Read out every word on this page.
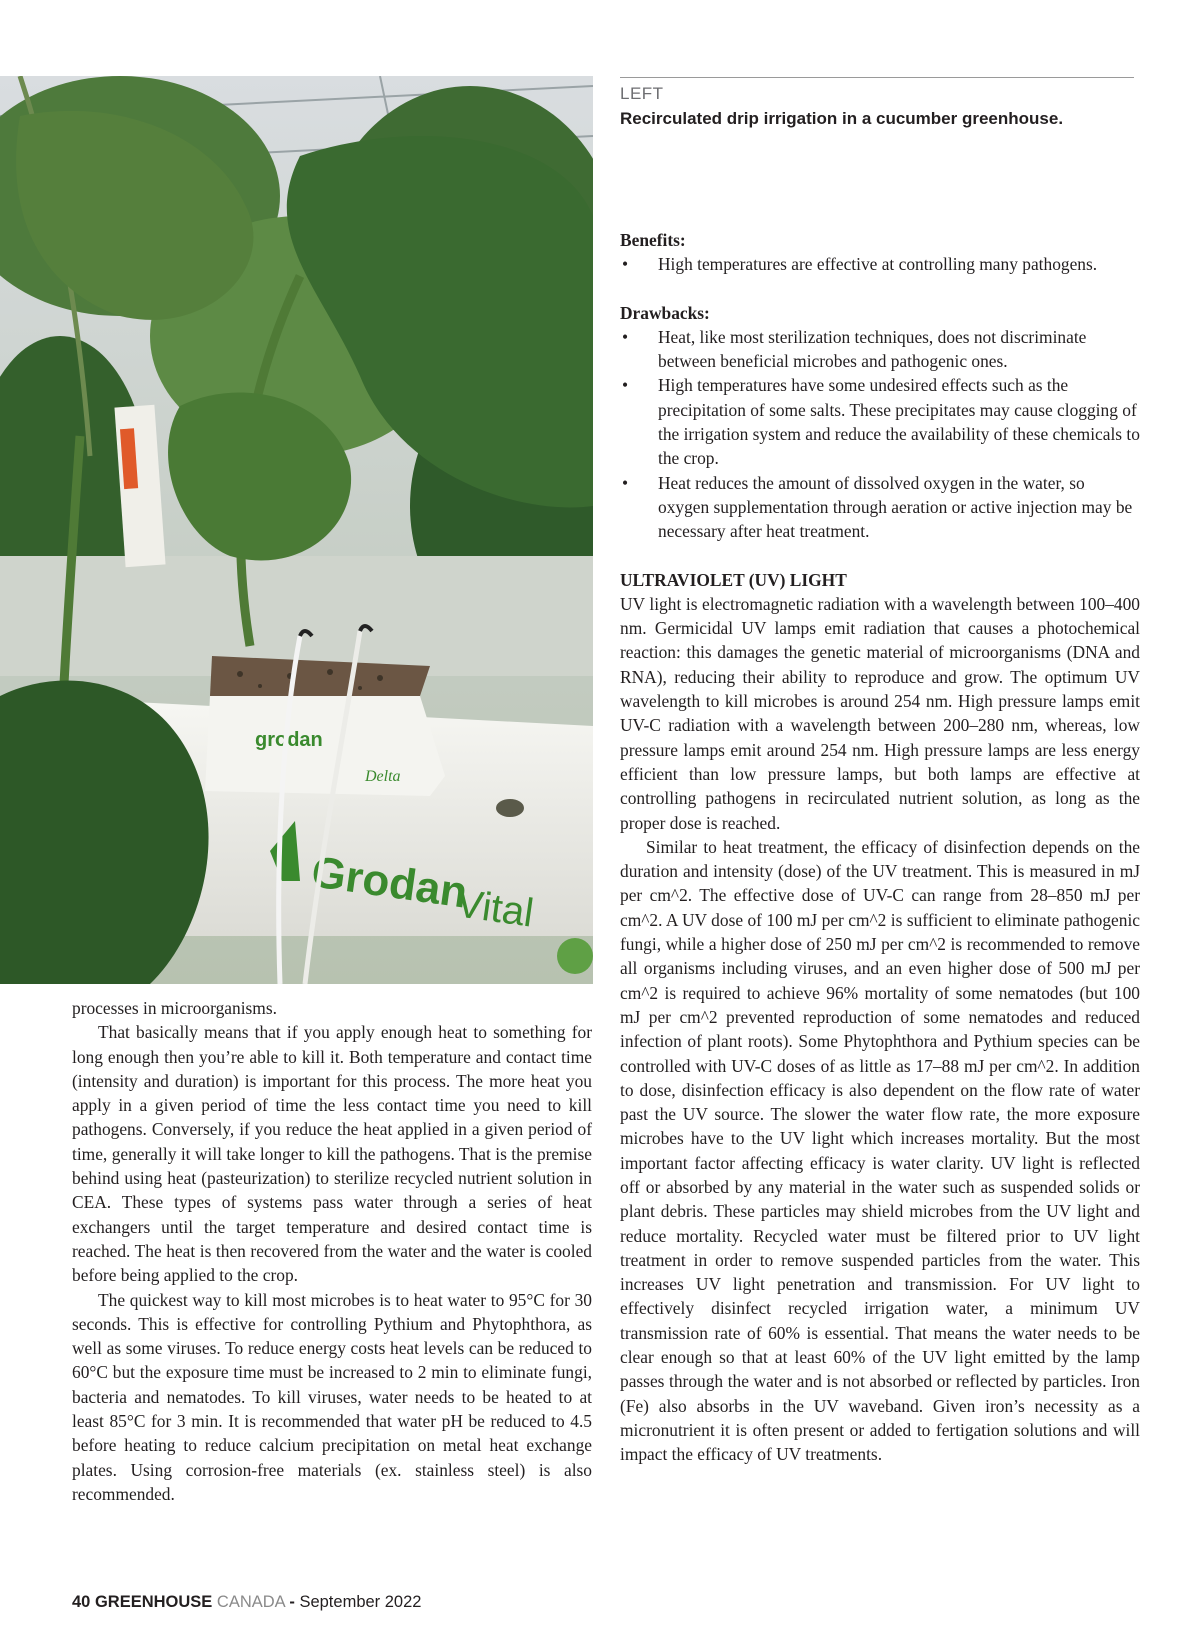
Grodan
Vital
grodan
Delta
LEFT
Recirculated drip irrigation in a cucumber greenhouse.

processes in microorganisms.

That basically means that if you apply enough heat to something for long enough then you’re able to kill it. Both temperature and contact time (intensity and duration) is important for this process. The more heat you apply in a given period of time the less contact time you need to kill pathogens. Conversely, if you reduce the heat applied in a given period of time, generally it will take longer to kill the pathogens. That is the premise behind using heat (pasteurization) to sterilize recycled nutrient solution in CEA. These types of systems pass water through a series of heat exchangers until the target temperature and desired contact time is reached. The heat is then recovered from the water and the water is cooled before being applied to the crop.

The quickest way to kill most microbes is to heat water to 95°C for 30 seconds. This is effective for controlling Pythium and Phytophthora, as well as some viruses. To reduce energy costs heat levels can be reduced to 60°C but the exposure time must be increased to 2 min to eliminate fungi, bacteria and nematodes. To kill viruses, water needs to be heated to at least 85°C for 3 min. It is recommended that water pH be reduced to 4.5 before heating to reduce calcium precipitation on metal heat exchange plates. Using corrosion-free materials (ex. stainless steel) is also recommended.

Benefits:

• High temperatures are effective at controlling many pathogens.

Drawbacks:

• Heat, like most sterilization techniques, does not discriminate between beneficial microbes and pathogenic ones.
• High temperatures have some undesired effects such as the precipitation of some salts. These precipitates may cause clogging of the irrigation system and reduce the availability of these chemicals to the crop.
• Heat reduces the amount of dissolved oxygen in the water, so oxygen supplementation through aeration or active injection may be necessary after heat treatment.

ULTRAVIOLET (UV) LIGHT

UV light is electromagnetic radiation with a wavelength between 100–400 nm. Germicidal UV lamps emit radiation that causes a photochemical reaction: this damages the genetic material of microorganisms (DNA and RNA), reducing their ability to reproduce and grow. The optimum UV wavelength to kill microbes is around 254 nm. High pressure lamps emit UV-C radiation with a wavelength between 200–280 nm, whereas, low pressure lamps emit around 254 nm. High pressure lamps are less energy efficient than low pressure lamps, but both lamps are effective at controlling pathogens in recirculated nutrient solution, as long as the proper dose is reached.

Similar to heat treatment, the efficacy of disinfection depends on the duration and intensity (dose) of the UV treatment. This is measured in mJ per cm^2. The effective dose of UV-C can range from 28–850 mJ per cm^2. A UV dose of 100 mJ per cm^2 is sufficient to eliminate pathogenic fungi, while a higher dose of 250 mJ per cm^2 is recommended to remove all organisms including viruses, and an even higher dose of 500 mJ per cm^2 is required to achieve 96% mortality of some nematodes (but 100 mJ per cm^2 prevented reproduction of some nematodes and reduced infection of plant roots). Some Phytophthora and Pythium species can be controlled with UV-C doses of as little as 17–88 mJ per cm^2. In addition to dose, disinfection efficacy is also dependent on the flow rate of water past the UV source. The slower the water flow rate, the more exposure microbes have to the UV light which increases mortality. But the most important factor affecting efficacy is water clarity. UV light is reflected off or absorbed by any material in the water such as suspended solids or plant debris. These particles may shield microbes from the UV light and reduce mortality. Recycled water must be filtered prior to UV light treatment in order to remove suspended particles from the water. This increases UV light penetration and transmission. For UV light to effectively disinfect recycled irrigation water, a minimum UV transmission rate of 60% is essential. That means the water needs to be clear enough so that at least 60% of the UV light emitted by the lamp passes through the water and is not absorbed or reflected by particles. Iron (Fe) also absorbs in the UV waveband. Given iron’s necessity as a micronutrient it is often present or added to fertigation solutions and will impact the efficacy of UV treatments.

40 GREENHOUSE CANADA - September 2022
